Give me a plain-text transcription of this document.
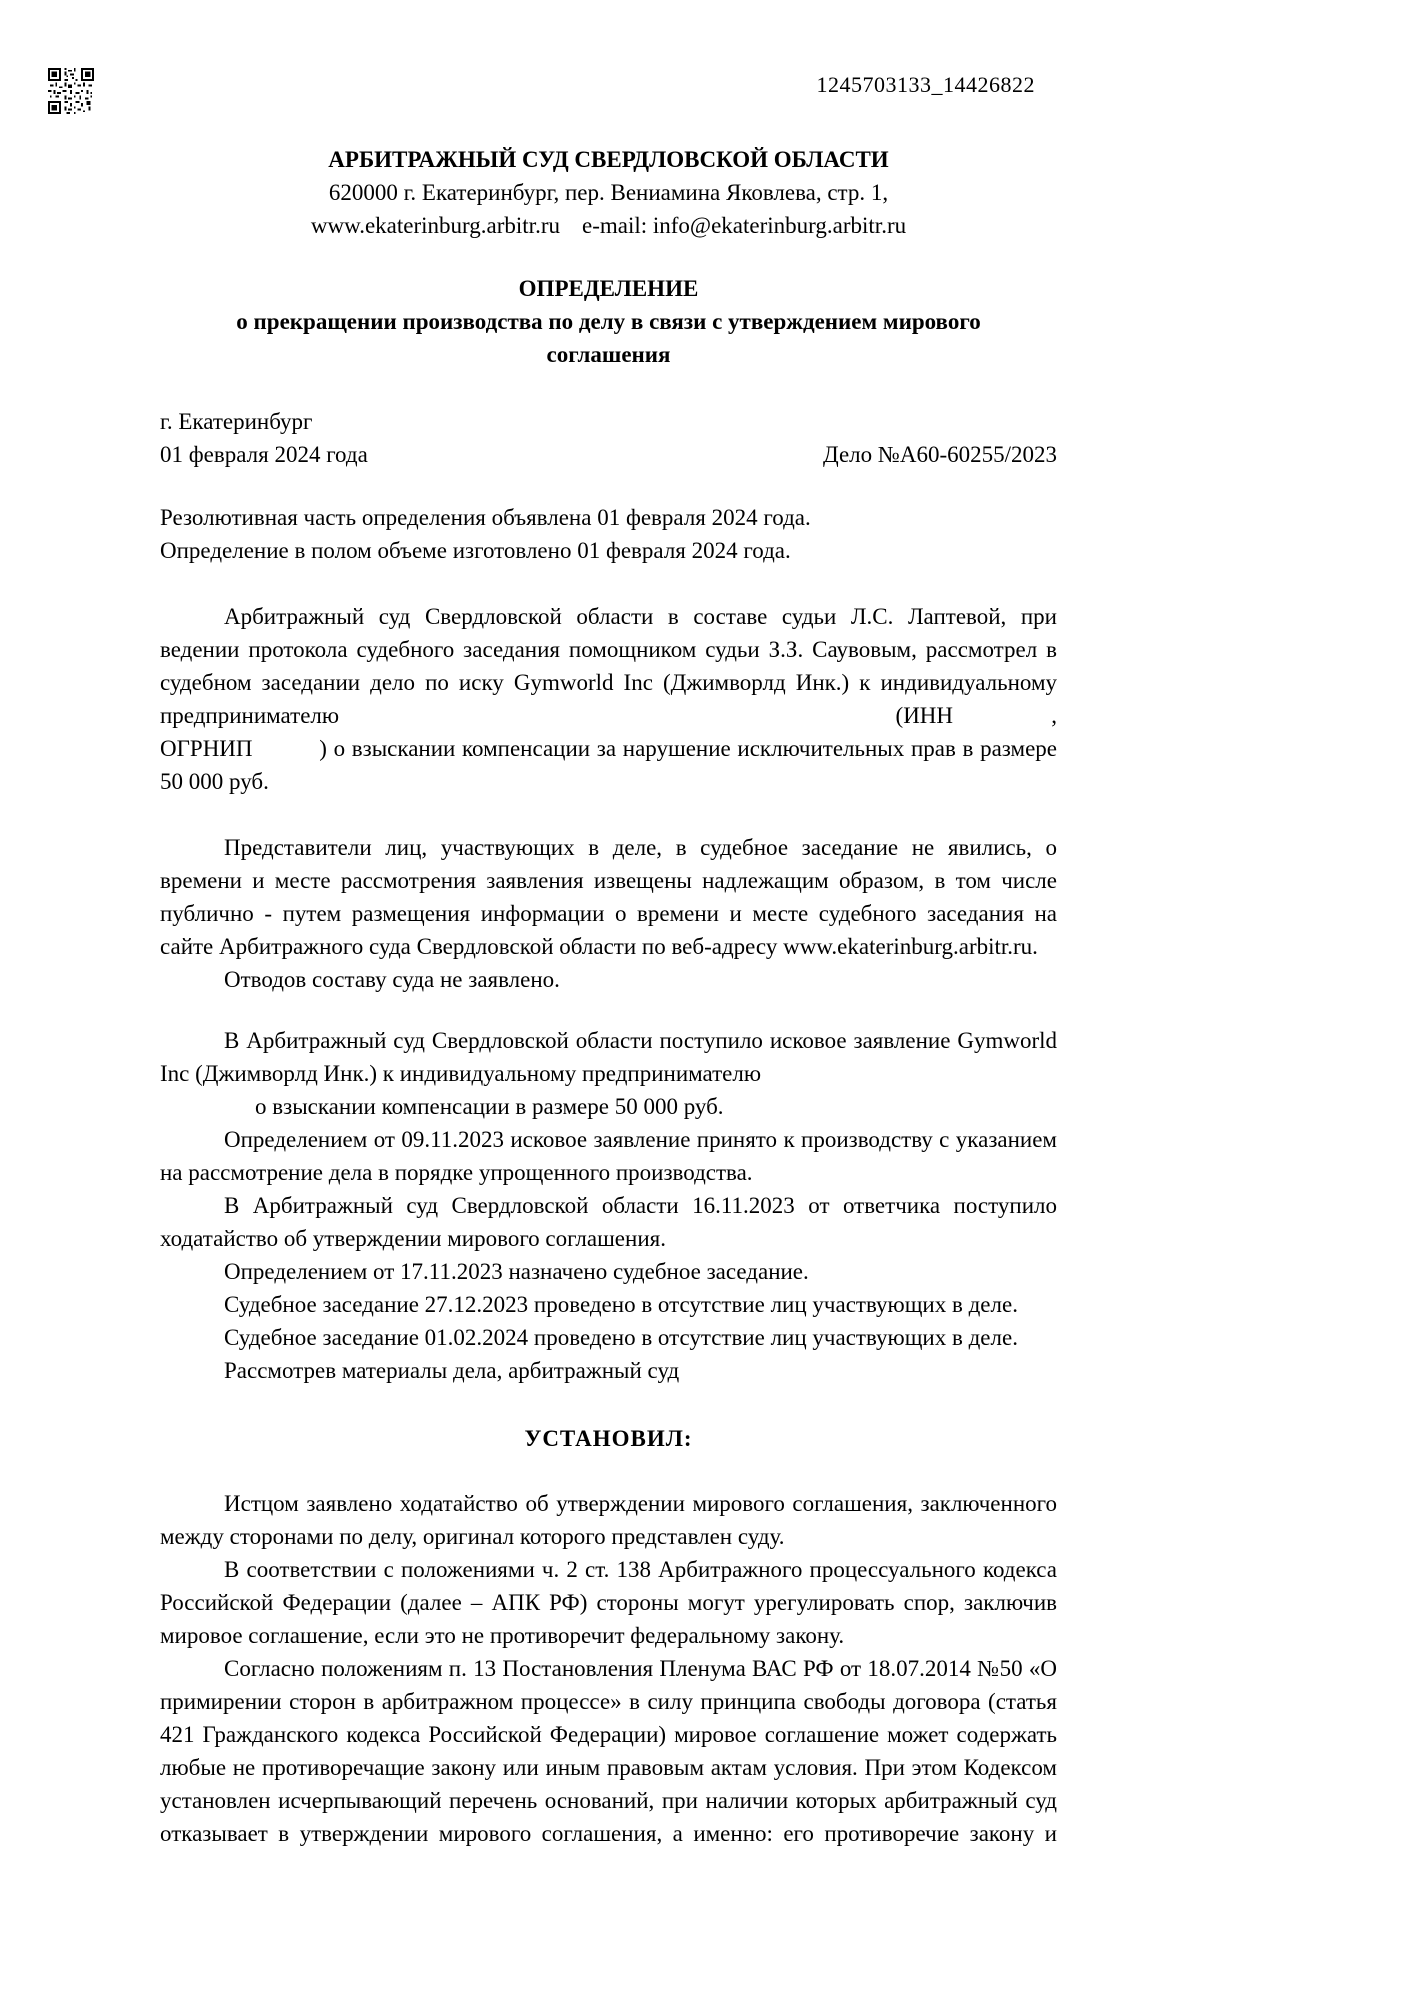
1245703133_14426822
АРБИТРАЖНЫЙ СУД СВЕРДЛОВСКОЙ ОБЛАСТИ
620000 г. Екатеринбург, пер. Вениамина Яковлева, стр. 1,
www.ekaterinburg.arbitr.ru e-mail: info@ekaterinburg.arbitr.ru
ОПРЕДЕЛЕНИЕ
о прекращении производства по делу в связи с утверждением мирового соглашения
г. Екатеринбург
01 февраля 2024 года	Дело №А60-60255/2023

Резолютивная часть определения объявлена 01 февраля 2024 года.

Определение в полом объеме изготовлено 01 февраля 2024 года.

Арбитражный суд Свердловской области в составе судьи Л.С. Лаптевой, при ведении протокола судебного заседания помощником судьи З.З. Саувовым, рассмотрел в судебном заседании дело по иску Gymworld Inc (Джимворлд Инк.) к индивидуальному предпринимателю	(ИНН	, ОГРНИП	) о взыскании компенсации за нарушение исключительных прав в размере 50 000 руб.

Представители лиц, участвующих в деле, в судебное заседание не явились, о времени и месте рассмотрения заявления извещены надлежащим образом, в том числе публично - путем размещения информации о времени и месте судебного заседания на сайте Арбитражного суда Свердловской области по веб-адресу www.ekaterinburg.arbitr.ru.

Отводов составу суда не заявлено.

В Арбитражный суд Свердловской области поступило исковое заявление Gymworld Inc (Джимворлд Инк.) к индивидуальному предпринимателю

о взыскании компенсации в размере 50 000 руб.

Определением от 09.11.2023 исковое заявление принято к производству с указанием на рассмотрение дела в порядке упрощенного производства.

В Арбитражный суд Свердловской области 16.11.2023 от ответчика поступило ходатайство об утверждении мирового соглашения.

Определением от 17.11.2023 назначено судебное заседание.

Судебное заседание 27.12.2023 проведено в отсутствие лиц участвующих в деле.

Судебное заседание 01.02.2024 проведено в отсутствие лиц участвующих в деле.

Рассмотрев материалы дела, арбитражный суд

УСТАНОВИЛ:

Истцом заявлено ходатайство об утверждении мирового соглашения, заключенного между сторонами по делу, оригинал которого представлен суду.

В соответствии с положениями ч. 2 ст. 138 Арбитражного процессуального кодекса Российской Федерации (далее – АПК РФ) стороны могут урегулировать спор, заключив мировое соглашение, если это не противоречит федеральному закону.

Согласно положениям п. 13 Постановления Пленума ВАС РФ от 18.07.2014 №50 «О примирении сторон в арбитражном процессе» в силу принципа свободы договора (статья 421 Гражданского кодекса Российской Федерации) мировое соглашение может содержать любые не противоречащие закону или иным правовым актам условия. При этом Кодексом установлен исчерпывающий перечень оснований, при наличии которых арбитражный суд отказывает в утверждении мирового соглашения, а именно: его противоречие закону и
